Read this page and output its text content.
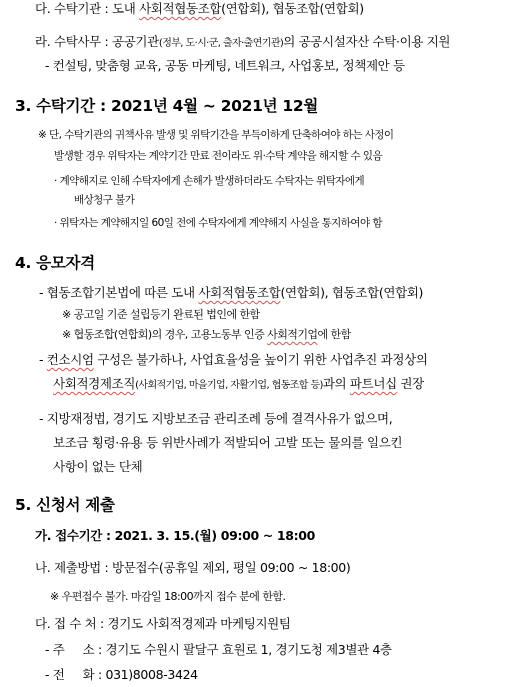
다. 수탁기관 : 도내 사회적협동조합(연합회), 협동조합(연합회)
라. 수탁사무 : 공공기관(정부, 도·시·군, 출자·출연기관)의 공공시설자산 수탁·이용 지원
- 컨설팅, 맞춤형 교육, 공동 마케팅, 네트워크, 사업홍보, 정책제안 등
3. 수탁기간 : 2021년 4월 ~ 2021년 12월
※ 단, 수탁기관의 귀책사유 발생 및 위탁기간을 부득이하게 단축하여야 하는 사정이
발생할 경우 위탁자는 계약기간 만료 전이라도 위·수탁 계약을 해지할 수 있음
· 계약해지로 인해 수탁자에게 손해가 발생하더라도 수탁자는 위탁자에게
배상청구 불가
· 위탁자는 계약해지일 60일 전에 수탁자에게 계약해지 사실을 통지하여야 함
4. 응모자격
- 협동조합기본법에 따른 도내 사회적협동조합(연합회), 협동조합(연합회)
※ 공고일 기준 설립등기 완료된 법인에 한함
※ 협동조합(연합회)의 경우, 고용노동부 인증 사회적기업에 한함
- 컨소시엄 구성은 불가하나, 사업효율성을 높이기 위한 사업추진 과정상의
사회적경제조직(사회적기업, 마을기업, 자활기업, 협동조합 등)과의 파트너십 권장
- 지방재정법, 경기도 지방보조금 관리조례 등에 결격사유가 없으며,
보조금 횡령·유용 등 위반사례가 적발되어 고발 또는 물의를 일으킨
사항이 없는 단체
5. 신청서 제출
가. 접수기간 : 2021. 3. 15.(월) 09:00 ~ 18:00
나. 제출방법 : 방문접수(공휴일 제외, 평일 09:00 ~ 18:00)
※ 우편접수 불가. 마감일 18:00까지 접수 분에 한함.
다. 접 수 처 : 경기도 사회적경제과 마케팅지원팀
- 주     소 : 경기도 수원시 팔달구 효원로 1, 경기도청 제3별관 4층
- 전     화 : 031)8008-3424
